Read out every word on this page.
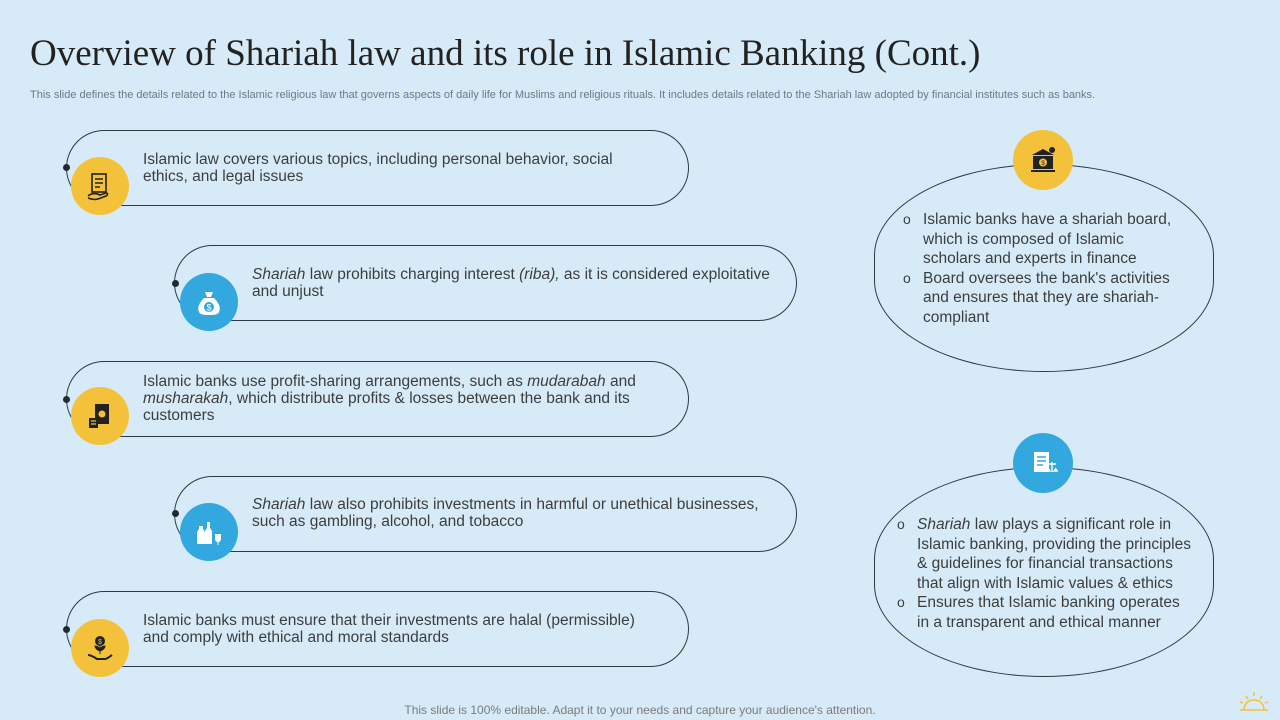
Overview of Shariah law and its role in Islamic Banking (Cont.)
This slide defines the details related to the Islamic religious law that governs aspects of daily life for Muslims and religious rituals. It includes details related to the Shariah law adopted by financial institutes such as banks.
Islamic law covers various topics, including personal behavior, social ethics, and legal issues
$
Shariah law prohibits charging interest (riba), as it is considered exploitative and unjust
Islamic banks use profit-sharing arrangements, such as mudarabah and musharakah, which distribute profits & losses between the bank and its customers
Shariah law also prohibits investments in harmful or unethical businesses, such as gambling, alcohol, and tobacco
$
Islamic banks must ensure that their investments are halal (permissible) and comply with ethical and moral standards
$
o Islamic banks have a shariah board, which is composed of Islamic scholars and experts in finance
o Board oversees the bank's activities and ensures that they are shariah-compliant
o Shariah law plays a significant role in Islamic banking, providing the principles & guidelines for financial transactions that align with Islamic values & ethics
o Ensures that Islamic banking operates in a transparent and ethical manner
This slide is 100% editable. Adapt it to your needs and capture your audience's attention.
